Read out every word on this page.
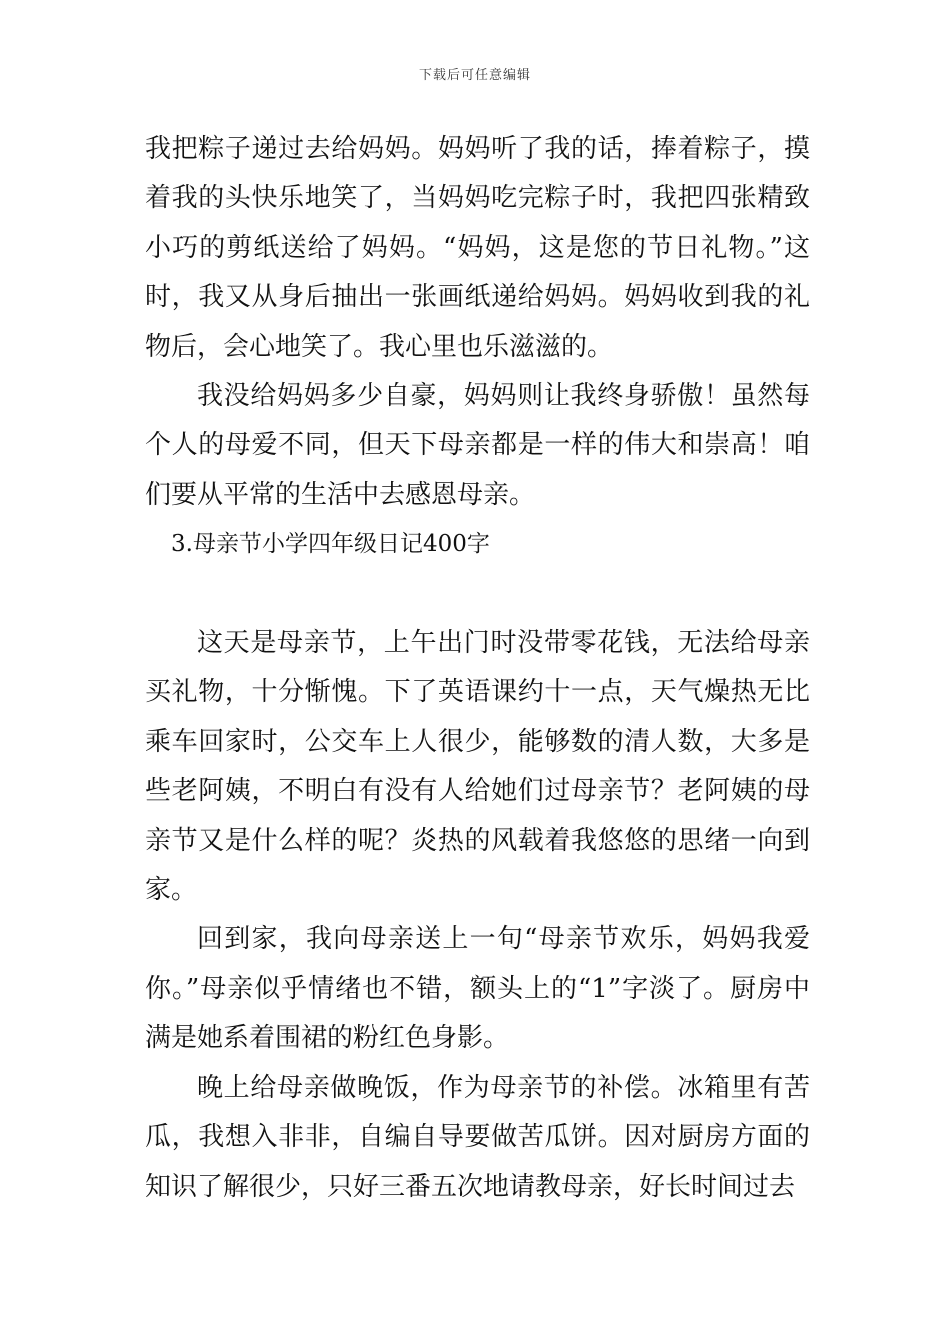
下载后可任意编辑

我把粽子递过去给妈妈。妈妈听了我的话，捧着粽子，摸着我的头快乐地笑了，当妈妈吃完粽子时，我把四张精致小巧的剪纸送给了妈妈。“妈妈，这是您的节日礼物。”这时，我又从身后抽出一张画纸递给妈妈。妈妈收到我的礼物后，会心地笑了。我心里也乐滋滋的。

我没给妈妈多少自豪，妈妈则让我终身骄傲！虽然每个人的母爱不同，但天下母亲都是一样的伟大和崇高！咱们要从平常的生活中去感恩母亲。

3.母亲节小学四年级日记400字

这天是母亲节，上午出门时没带零花钱，无法给母亲买礼物，十分惭愧。下了英语课约十一点，天气燥热无比乘车回家时，公交车上人很少，能够数的清人数，大多是些老阿姨，不明白有没有人给她们过母亲节？老阿姨的母亲节又是什么样的呢？炎热的风载着我悠悠的思绪一向到家。

回到家，我向母亲送上一句“母亲节欢乐，妈妈我爱你。”母亲似乎情绪也不错，额头上的“1”字淡了。厨房中满是她系着围裙的粉红色身影。

晚上给母亲做晚饭，作为母亲节的补偿。冰箱里有苦瓜，我想入非非，自编自导要做苦瓜饼。因对厨房方面的知识了解很少，只好三番五次地请教母亲，好长时间过去
